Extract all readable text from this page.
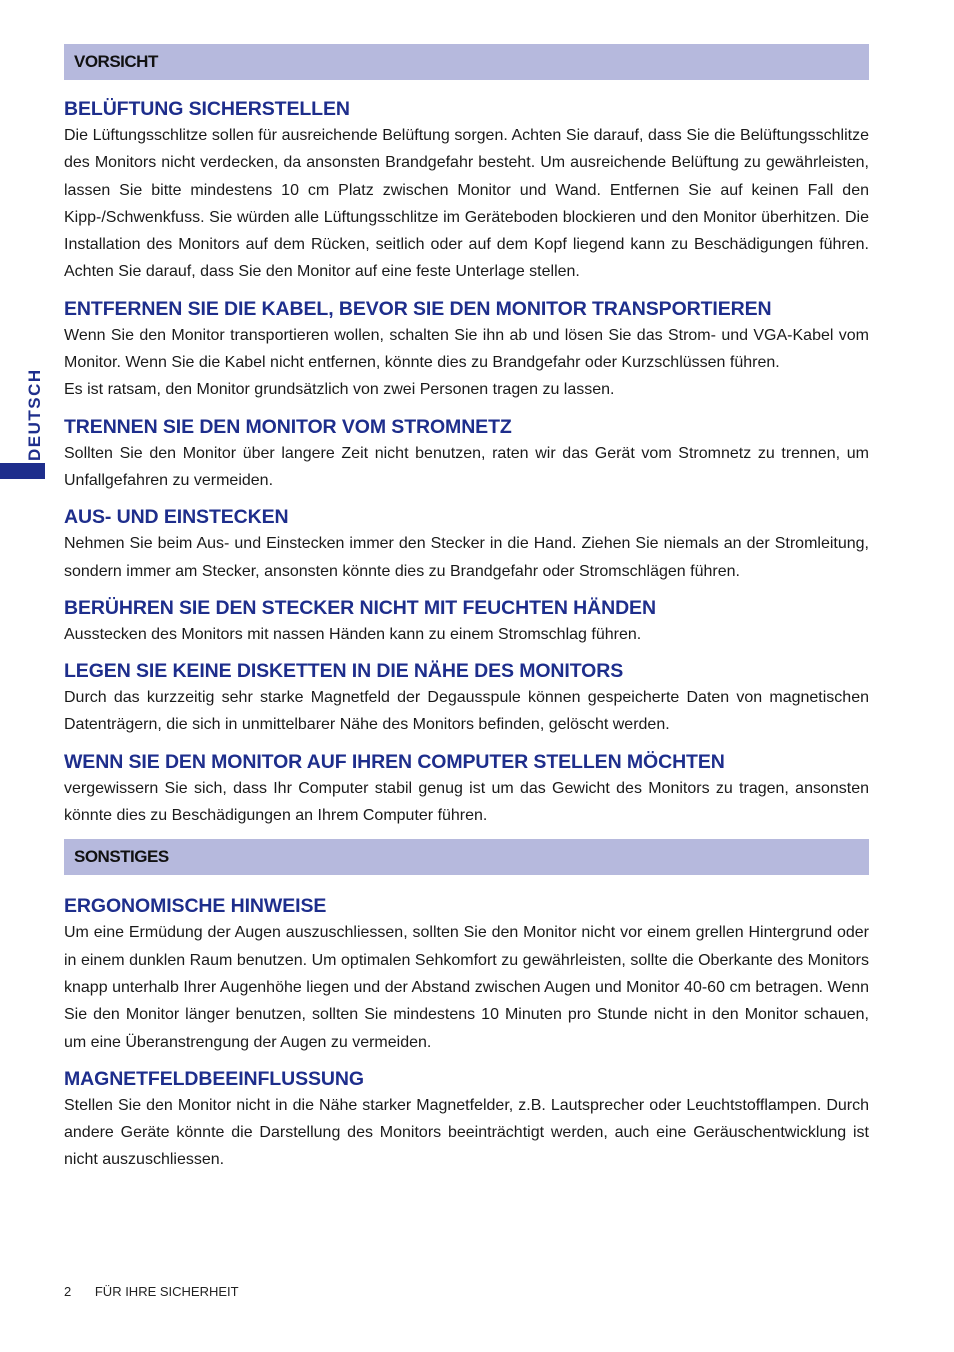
DEUTSCH
VORSICHT
BELÜFTUNG SICHERSTELLEN

Die Lüftungsschlitze sollen für ausreichende Belüftung sorgen. Achten Sie darauf, dass Sie die Belüftungsschlitze des Monitors nicht verdecken, da ansonsten Brandgefahr besteht. Um ausreichende Belüftung zu gewährleisten, lassen Sie bitte mindestens 10 cm Platz zwischen Monitor und Wand. Entfernen Sie auf keinen Fall den Kipp-/Schwenkfuss. Sie würden alle Lüftungsschlitze im Geräteboden blockieren und den Monitor überhitzen. Die Installation des Monitors auf dem Rücken, seitlich oder auf dem Kopf liegend kann zu Beschädigungen führen. Achten Sie darauf, dass Sie den Monitor auf eine feste Unterlage stellen.

ENTFERNEN SIE DIE KABEL, BEVOR SIE DEN MONITOR TRANSPORTIEREN

Wenn Sie den Monitor transportieren wollen, schalten Sie ihn ab und lösen Sie das Strom- und VGA-Kabel vom Monitor. Wenn Sie die Kabel nicht entfernen, könnte dies zu Brandgefahr oder Kurzschlüssen führen.

Es ist ratsam, den Monitor grundsätzlich von zwei Personen tragen zu lassen.

TRENNEN SIE DEN MONITOR VOM STROMNETZ

Sollten Sie den Monitor über langere Zeit nicht benutzen, raten wir das Gerät vom Stromnetz zu trennen, um Unfallgefahren zu vermeiden.

AUS- UND EINSTECKEN

Nehmen Sie beim Aus- und Einstecken immer den Stecker in die Hand. Ziehen Sie niemals an der Stromleitung, sondern immer am Stecker, ansonsten könnte dies zu Brandgefahr oder Stromschlägen führen.

BERÜHREN SIE DEN STECKER NICHT MIT FEUCHTEN HÄNDEN

Ausstecken des Monitors mit nassen Händen kann zu einem Stromschlag führen.

LEGEN SIE KEINE DISKETTEN IN DIE NÄHE DES MONITORS

Durch das kurzzeitig sehr starke Magnetfeld der Degausspule können gespeicherte Daten von magnetischen Datenträgern, die sich in unmittelbarer Nähe des Monitors befinden, gelöscht werden.

WENN SIE DEN MONITOR AUF IHREN COMPUTER STELLEN MÖCHTEN

vergewissern Sie sich, dass Ihr Computer stabil genug ist um das Gewicht des Monitors zu tragen, ansonsten könnte dies zu Beschädigungen an Ihrem Computer führen.

SONSTIGES
ERGONOMISCHE HINWEISE

Um eine Ermüdung der Augen auszuschliessen, sollten Sie den Monitor nicht vor einem grellen Hintergrund oder in einem dunklen Raum benutzen. Um optimalen Sehkomfort zu gewährleisten, sollte die Oberkante des Monitors knapp unterhalb Ihrer Augenhöhe liegen und der Abstand zwischen Augen und Monitor 40-60 cm betragen. Wenn Sie den Monitor länger benutzen, sollten Sie mindestens 10 Minuten pro Stunde nicht in den Monitor schauen, um eine Überanstrengung der Augen zu vermeiden.

MAGNETFELDBEEINFLUSSUNG

Stellen Sie den Monitor nicht in die Nähe starker Magnetfelder, z.B. Lautsprecher oder Leuchtstofflampen. Durch andere Geräte könnte die Darstellung des Monitors beeinträchtigt werden, auch eine Geräuschentwicklung ist nicht auszuschliessen.

2 FÜR IHRE SICHERHEIT
